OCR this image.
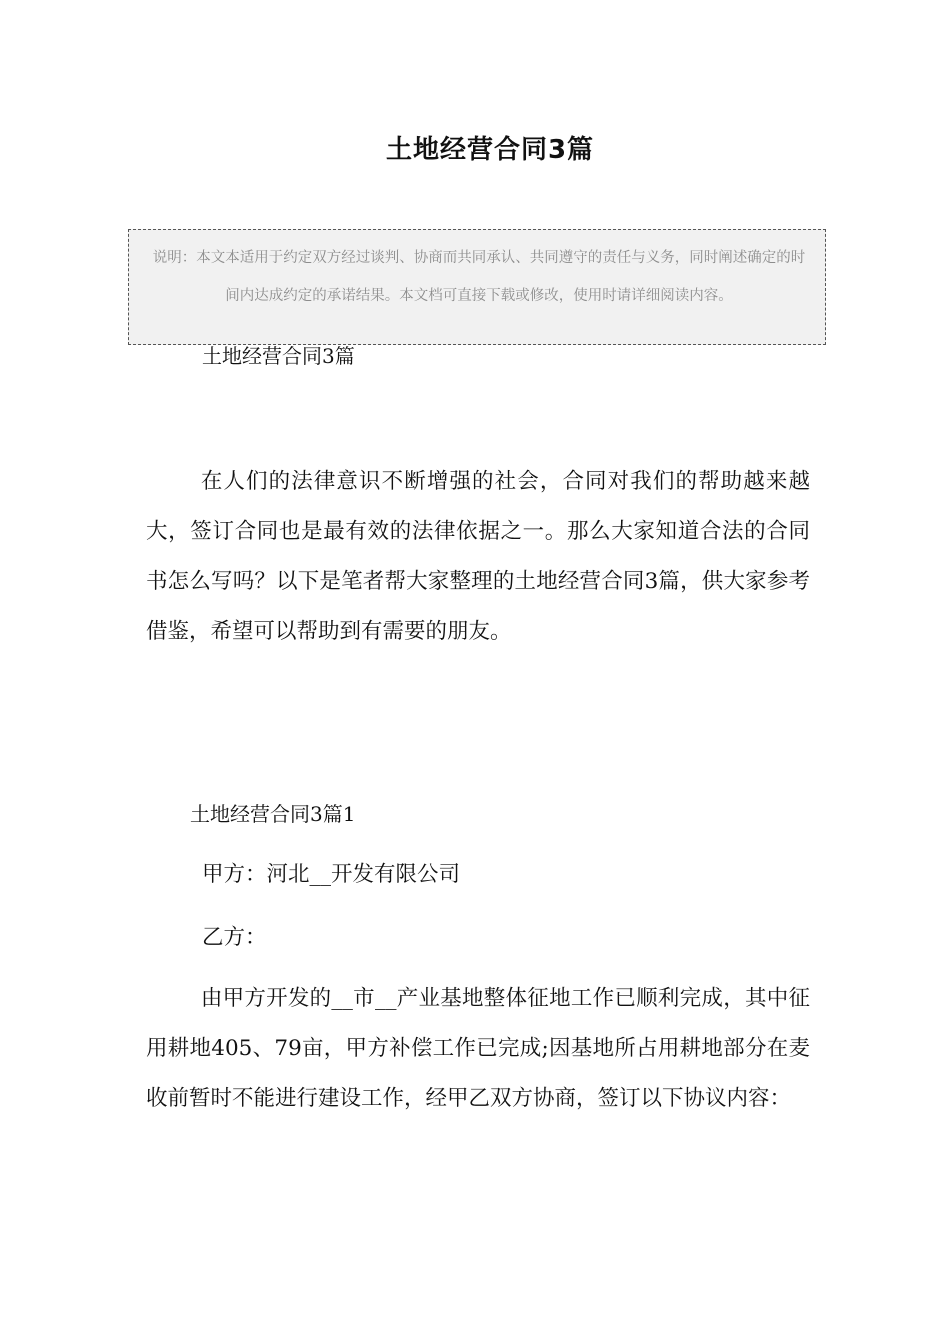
土地经营合同3篇
说明：本文本适用于约定双方经过谈判、协商而共同承认、共同遵守的责任与义务，同时阐述确定的时间内达成约定的承诺结果。本文档可直接下载或修改，使用时请详细阅读内容。
土地经营合同3篇
在人们的法律意识不断增强的社会，合同对我们的帮助越来越大，签订合同也是最有效的法律依据之一。那么大家知道合法的合同书怎么写吗？以下是笔者帮大家整理的土地经营合同3篇，供大家参考借鉴，希望可以帮助到有需要的朋友。
土地经营合同3篇1
甲方：河北__开发有限公司
乙方：
由甲方开发的__市__产业基地整体征地工作已顺利完成，其中征用耕地405、79亩，甲方补偿工作已完成;因基地所占用耕地部分在麦收前暂时不能进行建设工作，经甲乙双方协商，签订以下协议内容：
